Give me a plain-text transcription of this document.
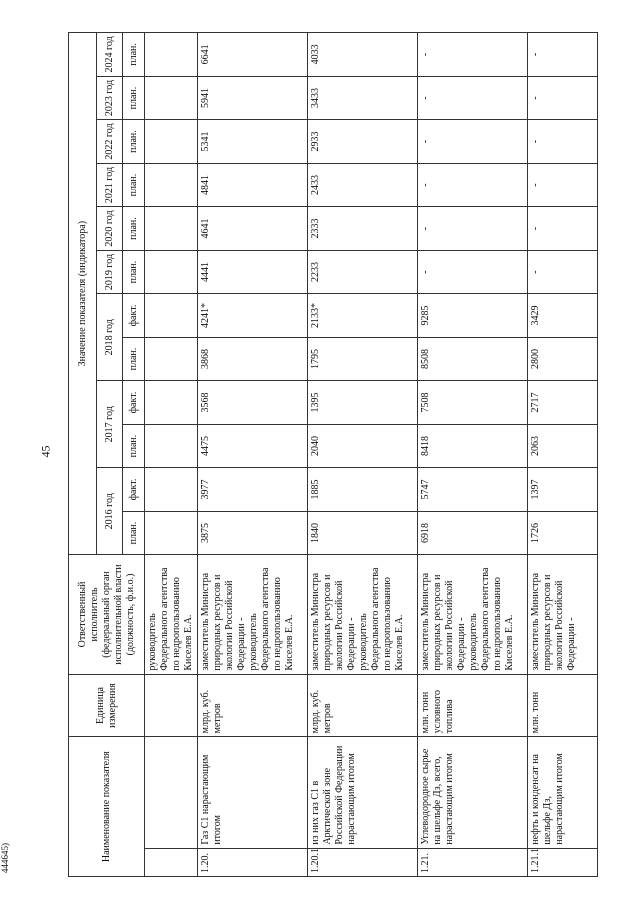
45
444645)	Наименование показателя		Единица измерения	Ответственный исполнитель (федеральный орган исполнительной власти (должность, ф.и.о.)	Значение показателя (индикатора)											
				2016 год		2017 год		2018 год		2019 год	2020 год	2021 год	2022 год	2023 год	2024 год
				план.	факт.	план.	факт.	план.	факт.	план.	план.	план.	план.	план.	план.
			руководитель Федерального агентства по недропользованию Киселев Е.А.												
1.20.	Газ C1 нарастающим итогом	млрд. куб. метров	заместитель Министра природных ресурсов и экологии Российской Федерации - руководитель Федерального агентства по недропользованию Киселев Е.А.	3875	3977	4475	3568	3868	4241*	4441	4641	4841	5341	5941	6641
1.20.1	из них газ C1 в Арктической зоне Российской Федерации нарастающим итогом	млрд. куб. метров	заместитель Министра природных ресурсов и экологии Российской Федерации - руководитель Федерального агентства по недропользованию Киселев Е.А.	1840	1885	2040	1395	1795	2133*	2233	2333	2433	2933	3433	4033
1.21.	Углеводородное сырье на шельфе Дз, всего, нарастающим итогом	млн. тонн условного топлива	заместитель Министра природных ресурсов и экологии Российской Федерации - руководитель Федерального агентства по недропользованию Киселев Е.А.	6918	5747	8418	7508	8508	9285	-	-	-	-	-	-
1.21.1	нефть и конденсат на шельфе Дз, нарастающим итогом	млн. тонн	заместитель Министра природных ресурсов и экологии Российской Федерации -	1726	1397	2063	2717	2800	3429	-	-	-	-	-	-
